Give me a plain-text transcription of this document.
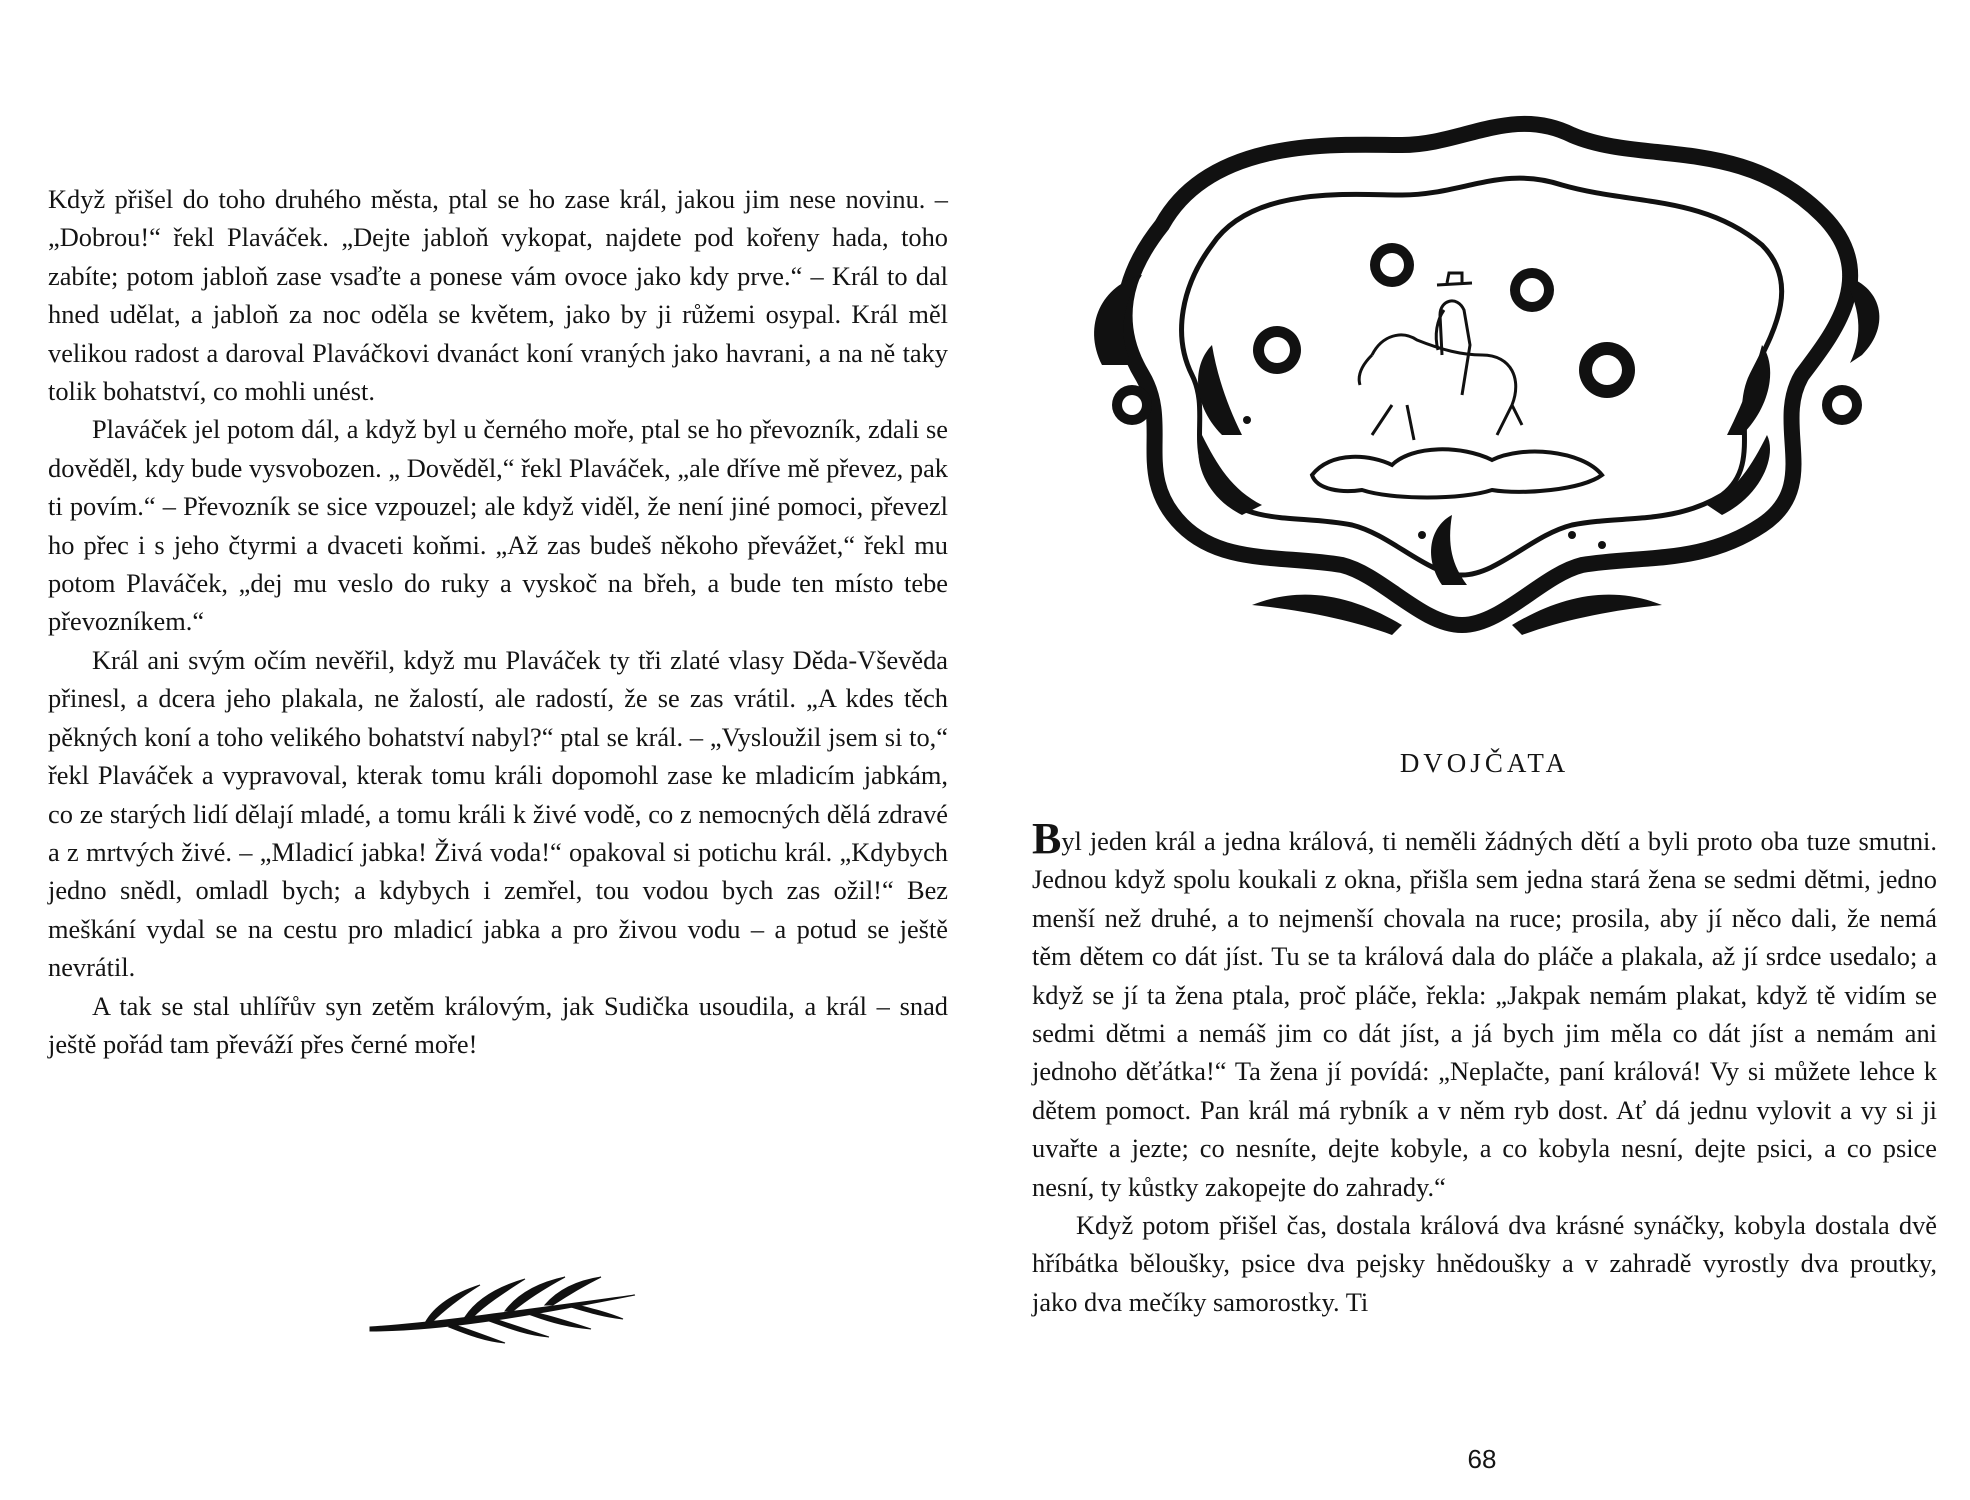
Když přišel do toho druhého města, ptal se ho zase král, jakou jim nese novinu. – „Dobrou!“ řekl Plaváček. „Dejte jabloň vykopat, najdete pod kořeny hada, toho zabíte; potom jabloň zase vsaďte a ponese vám ovoce jako kdy prve.“ – Král to dal hned udělat, a jabloň za noc oděla se květem, jako by ji růžemi osypal. Král měl velikou radost a daroval Plaváčkovi dvanáct koní vraných jako havrani, a na ně taky tolik bohatství, co mohli unést.

Plaváček jel potom dál, a když byl u černého moře, ptal se ho převozník, zdali se dověděl, kdy bude vysvobozen. „ Dověděl,“ řekl Plaváček, „ale dříve mě převez, pak ti povím.“ – Převozník se sice vzpouzel; ale když viděl, že není jiné pomoci, převezl ho přec i s jeho čtyrmi a dvaceti koňmi. „Až zas budeš někoho převážet,“ řekl mu potom Plaváček, „dej mu veslo do ruky a vyskoč na břeh, a bude ten místo tebe převozníkem.“

Král ani svým očím nevěřil, když mu Plaváček ty tři zlaté vlasy Děda-Vševěda přinesl, a dcera jeho plakala, ne žalostí, ale radostí, že se zas vrátil. „A kdes těch pěkných koní a toho velikého bohatství nabyl?“ ptal se král. – „Vysloužil jsem si to,“ řekl Plaváček a vypravoval, kterak tomu králi dopomohl zase ke mladicím jabkám, co ze starých lidí dělají mladé, a tomu králi k živé vodě, co z nemocných dělá zdravé a z mrtvých živé. – „Mladicí jabka! Živá voda!“ opakoval si potichu král. „Kdybych jedno snědl, omladl bych; a kdybych i zemřel, tou vodou bych zas ožil!“ Bez meškání vydal se na cestu pro mladicí jabka a pro živou vodu – a potud se ještě nevrátil.

A tak se stal uhlířův syn zetěm královým, jak Sudička usoudila, a král – snad ještě pořád tam převáží přes černé moře!

DVOJČATA

Byl jeden král a jedna králová, ti neměli žádných dětí a byli proto oba tuze smutni. Jednou když spolu koukali z okna, přišla sem jedna stará žena se sedmi dětmi, jedno menší než druhé, a to nejmenší chovala na ruce; prosila, aby jí něco dali, že nemá těm dětem co dát jíst. Tu se ta králová dala do pláče a plakala, až jí srdce usedalo; a když se jí ta žena ptala, proč pláče, řekla: „Jakpak nemám plakat, když tě vidím se sedmi dětmi a nemáš jim co dát jíst, a já bych jim měla co dát jíst a nemám ani jednoho děťátka!“ Ta žena jí povídá: „Neplačte, paní králová! Vy si můžete lehce k dětem pomoct. Pan král má rybník a v něm ryb dost. Ať dá jednu vylovit a vy si ji uvařte a jezte; co nesníte, dejte kobyle, a co kobyla nesní, dejte psici, a co psice nesní, ty kůstky zakopejte do zahrady.“

Když potom přišel čas, dostala králová dva krásné synáčky, kobyla dostala dvě hříbátka běloušky, psice dva pejsky hnědoušky a v zahradě vyrostly dva proutky, jako dva mečíky samorostky. Ti

68
